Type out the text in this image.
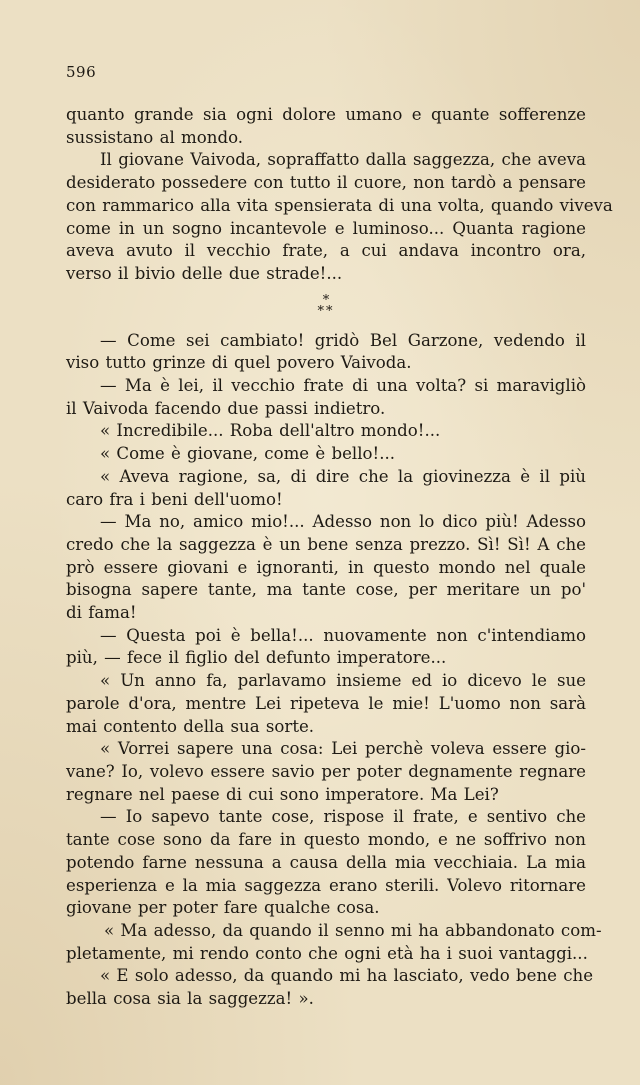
596
quanto grande sia ogni dolore umano e quante sofferenze
sussistano al mondo.
Il giovane Vaivoda, sopraffatto dalla saggezza, che aveva
desiderato possedere con tutto il cuore, non tardò a pensare
con rammarico alla vita spensierata di una volta, quando viveva
come in un sogno incantevole e luminoso... Quanta ragione
aveva avuto il vecchio frate, a cui andava incontro ora,
verso il bivio delle due strade!...
*
**
— Come sei cambiato! gridò Bel Garzone, vedendo il
viso tutto grinze di quel povero Vaivoda.
— Ma è lei, il vecchio frate di una volta? si maravigliò
il Vaivoda facendo due passi indietro.
« Incredibile... Roba dell'altro mondo!...
« Come è giovane, come è bello!...
« Aveva ragione, sa, di dire che la giovinezza è il più
caro fra i beni dell'uomo!
— Ma no, amico mio!... Adesso non lo dico più! Adesso
credo che la saggezza è un bene senza prezzo. Sì! Sì! A che
prò essere giovani e ignoranti, in questo mondo nel quale
bisogna sapere tante, ma tante cose, per meritare un po'
di fama!
— Questa poi è bella!... nuovamente non c'intendiamo
più, — fece il figlio del defunto imperatore...
« Un anno fa, parlavamo insieme ed io dicevo le sue
parole d'ora, mentre Lei ripeteva le mie! L'uomo non sarà
mai contento della sua sorte.
« Vorrei sapere una cosa: Lei perchè voleva essere gio-
vane? Io, volevo essere savio per poter degnamente regnare
regnare nel paese di cui sono imperatore. Ma Lei?
— Io sapevo tante cose, rispose il frate, e sentivo che
tante cose sono da fare in questo mondo, e ne soffrivo non
potendo farne nessuna a causa della mia vecchiaia. La mia
esperienza e la mia saggezza erano sterili. Volevo ritornare
giovane per poter fare qualche cosa.
« Ma adesso, da quando il senno mi ha abbandonato com-
pletamente, mi rendo conto che ogni età ha i suoi vantaggi...
« E solo adesso, da quando mi ha lasciato, vedo bene che
bella cosa sia la saggezza! ».
